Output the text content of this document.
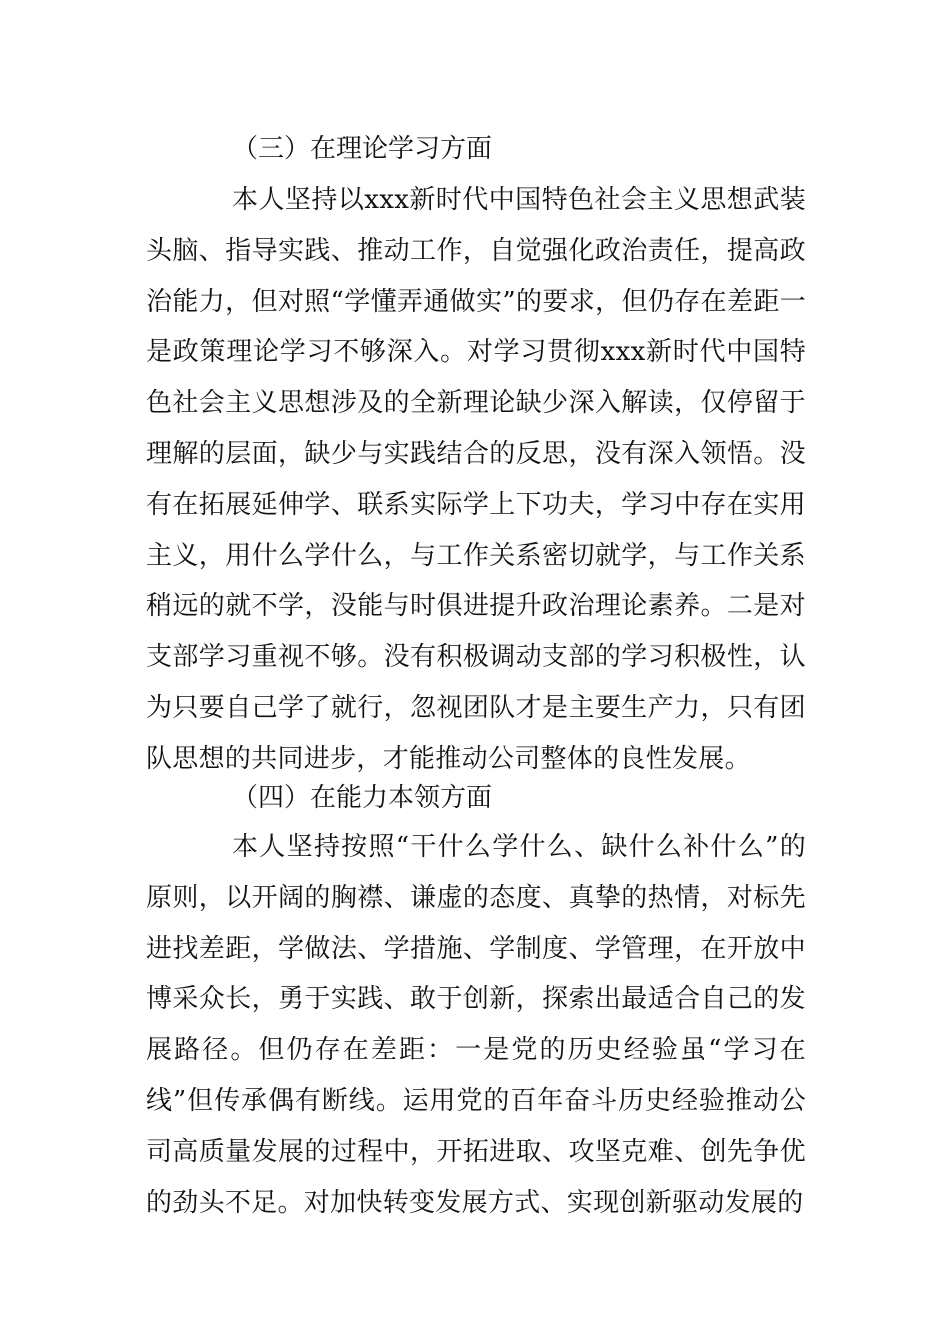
（三）在理论学习方面
本人坚持以xxx新时代中国特色社会主义思想武装头脑、指导实践、推动工作，自觉强化政治责任，提高政治能力，但对照“学懂弄通做实”的要求，但仍存在差距一是政策理论学习不够深入。对学习贯彻xxx新时代中国特色社会主义思想涉及的全新理论缺少深入解读，仅停留于理解的层面，缺少与实践结合的反思，没有深入领悟。没有在拓展延伸学、联系实际学上下功夫，学习中存在实用主义，用什么学什么，与工作关系密切就学，与工作关系稍远的就不学，没能与时俱进提升政治理论素养。二是对支部学习重视不够。没有积极调动支部的学习积极性，认为只要自己学了就行，忽视团队才是主要生产力，只有团队思想的共同进步，才能推动公司整体的良性发展。
（四）在能力本领方面
本人坚持按照“干什么学什么、缺什么补什么”的原则，以开阔的胸襟、谦虚的态度、真挚的热情，对标先进找差距，学做法、学措施、学制度、学管理，在开放中博采众长，勇于实践、敢于创新，探索出最适合自己的发展路径。但仍存在差距：一是党的历史经验虽“学习在线”但传承偶有断线。运用党的百年奋斗历史经验推动公司高质量发展的过程中，开拓进取、攻坚克难、创先争优的劲头不足。对加快转变发展方式、实现创新驱动发展的
